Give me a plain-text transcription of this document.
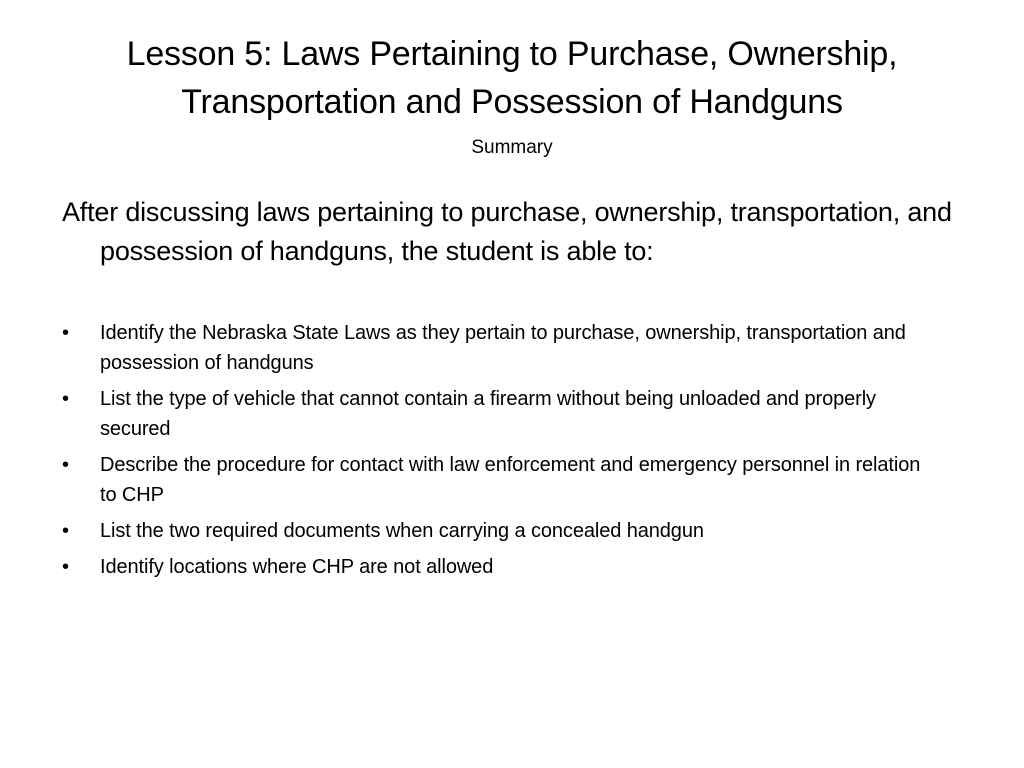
Lesson 5: Laws Pertaining to Purchase, Ownership, Transportation and Possession of Handguns

Summary

After discussing laws pertaining to purchase, ownership, transportation, and possession of handguns, the student is able to:

• Identify the Nebraska State Laws as they pertain to purchase, ownership, transportation and possession of handguns
• List the type of vehicle that cannot contain a firearm without being unloaded and properly secured
• Describe the procedure for contact with law enforcement and emergency personnel in relation to CHP
• List the two required documents when carrying a concealed handgun
• Identify locations where CHP are not allowed
